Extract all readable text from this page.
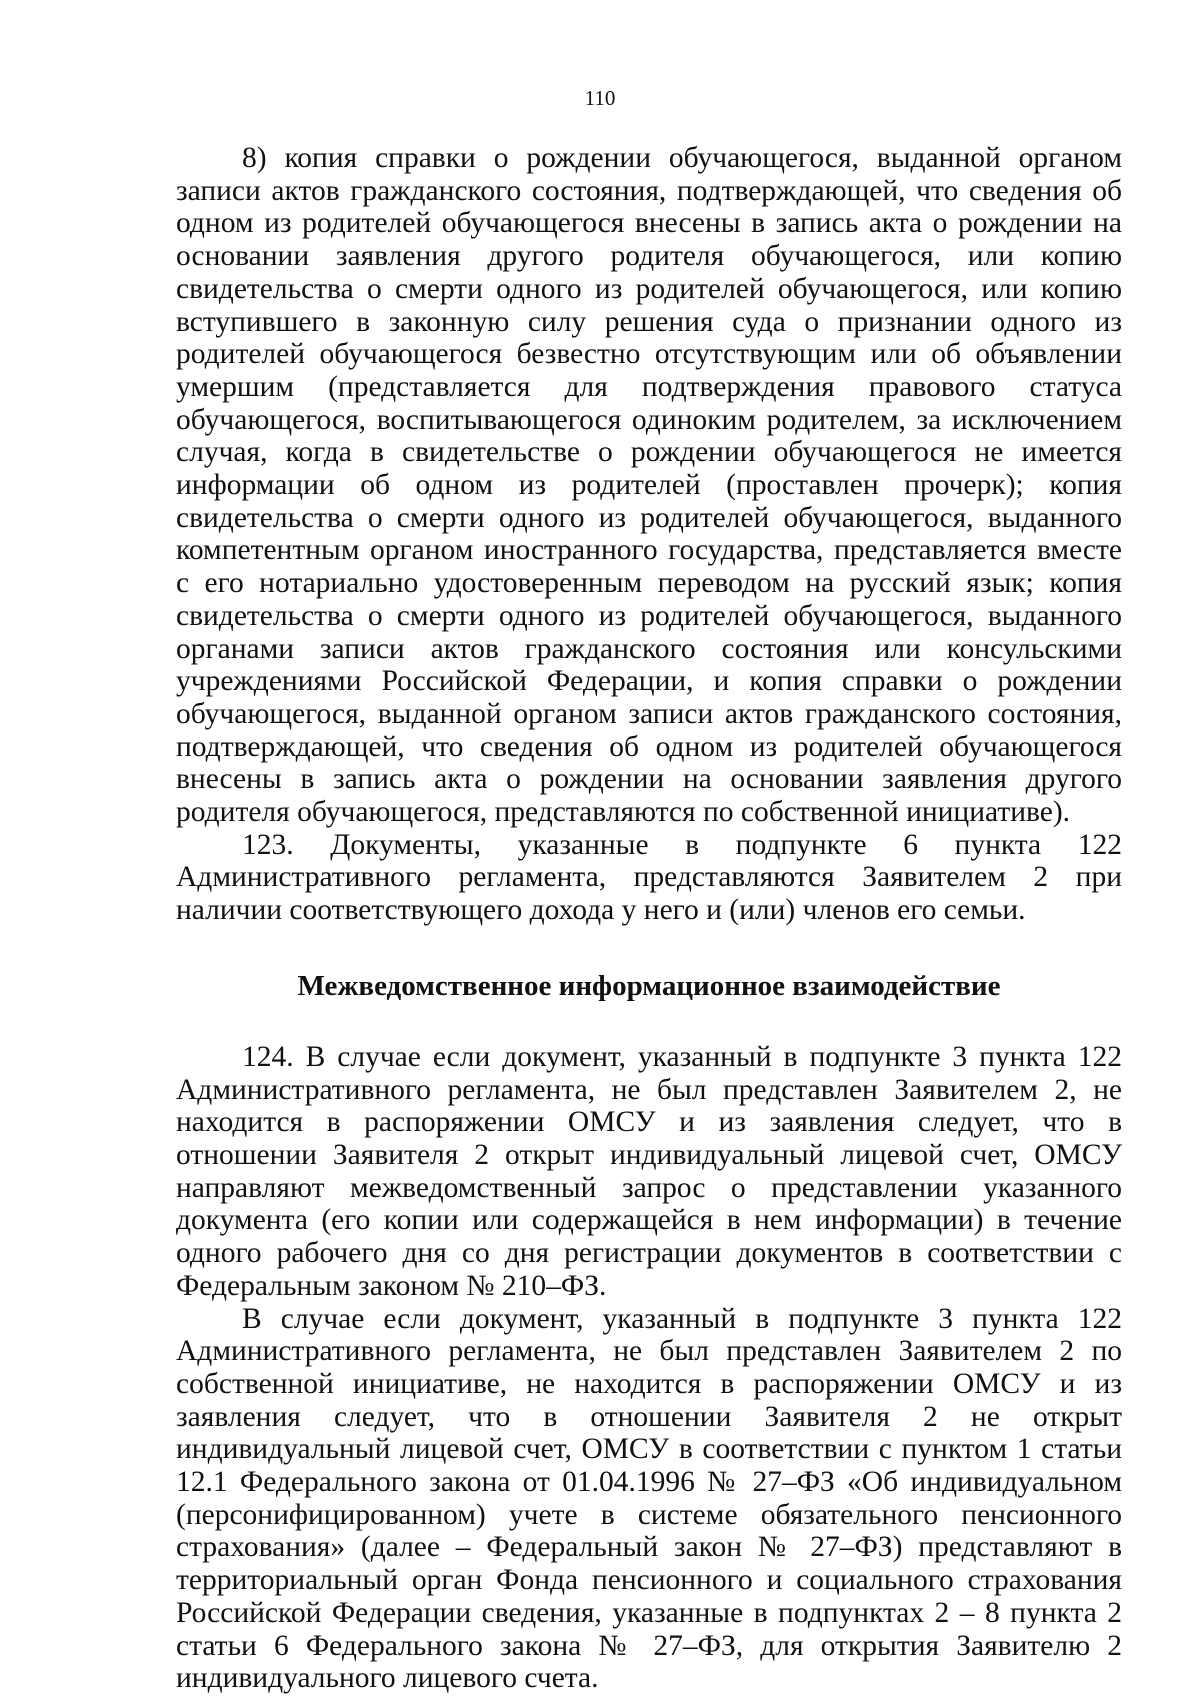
110

8) копия справки о рождении обучающегося, выданной органом записи актов гражданского состояния, подтверждающей, что сведения об одном из родителей обучающегося внесены в запись акта о рождении на основании заявления другого родителя обучающегося, или копию свидетельства о смерти одного из родителей обучающегося, или копию вступившего в законную силу решения суда о признании одного из родителей обучающегося безвестно отсутствующим или об объявлении умершим (представляется для подтверждения правового статуса обучающегося, воспитывающегося одиноким родителем, за исключением случая, когда в свидетельстве о рождении обучающегося не имеется информации об одном из родителей (проставлен прочерк); копия свидетельства о смерти одного из родителей обучающегося, выданного компетентным органом иностранного государства, представляется вместе с его нотариально удостоверенным переводом на русский язык; копия свидетельства о смерти одного из родителей обучающегося, выданного органами записи актов гражданского состояния или консульскими учреждениями Российской Федерации, и копия справки о рождении обучающегося, выданной органом записи актов гражданского состояния, подтверждающей, что сведения об одном из родителей обучающегося внесены в запись акта о рождении на основании заявления другого родителя обучающегося, представляются по собственной инициативе).

123. Документы, указанные в подпункте 6 пункта 122 Административного регламента, представляются Заявителем 2 при наличии соответствующего дохода у него и (или) членов его семьи.

Межведомственное информационное взаимодействие

124. В случае если документ, указанный в подпункте 3 пункта 122 Административного регламента, не был представлен Заявителем 2, не находится в распоряжении ОМСУ и из заявления следует, что в отношении Заявителя 2 открыт индивидуальный лицевой счет, ОМСУ направляют межведомственный запрос о представлении указанного документа (его копии или содержащейся в нем информации) в течение одного рабочего дня со дня регистрации документов в соответствии с Федеральным законом № 210–ФЗ.

В случае если документ, указанный в подпункте 3 пункта 122 Административного регламента, не был представлен Заявителем 2 по собственной инициативе, не находится в распоряжении ОМСУ и из заявления следует, что в отношении Заявителя 2 не открыт индивидуальный лицевой счет, ОМСУ в соответствии с пунктом 1 статьи 12.1 Федерального закона от 01.04.1996 № 27–ФЗ «Об индивидуальном (персонифицированном) учете в системе обязательного пенсионного страхования» (далее – Федеральный закон № 27–ФЗ) представляют в территориальный орган Фонда пенсионного и социального страхования Российской Федерации сведения, указанные в подпунктах 2 – 8 пункта 2 статьи 6 Федерального закона № 27–ФЗ, для открытия Заявителю 2 индивидуального лицевого счета.
